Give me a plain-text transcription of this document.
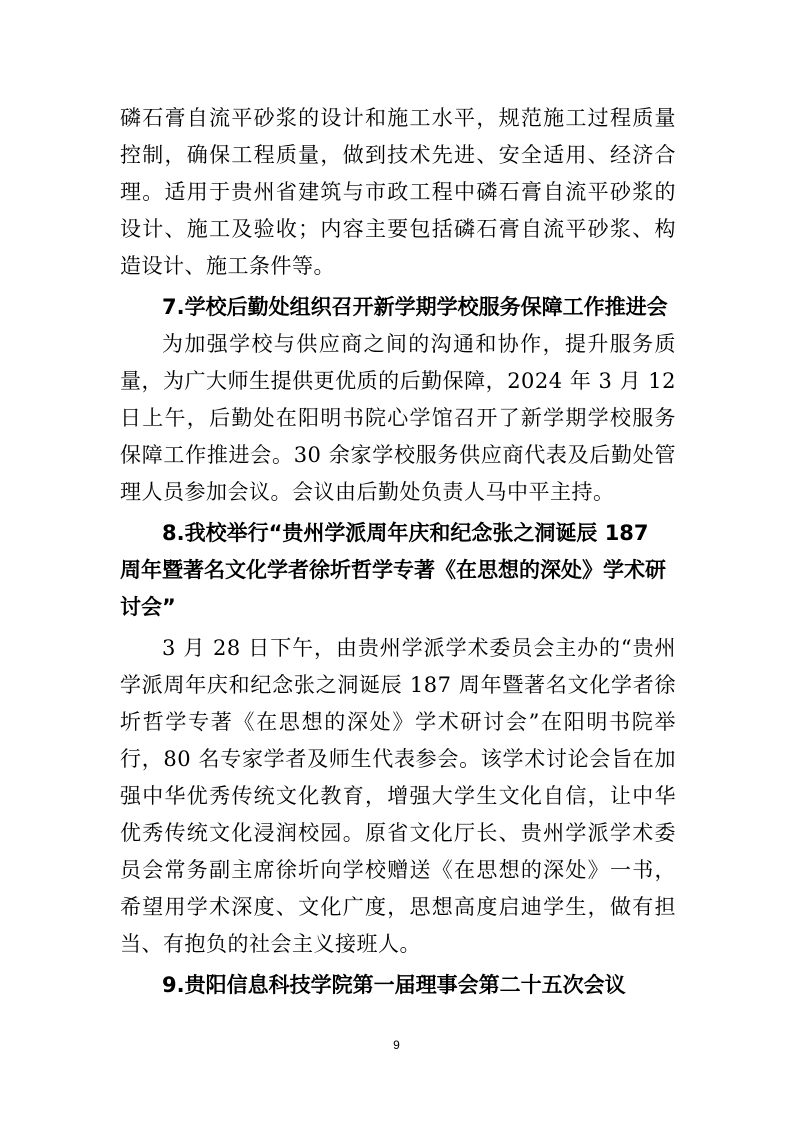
磷石膏自流平砂浆的设计和施工水平，规范施工过程质量控制，确保工程质量，做到技术先进、安全适用、经济合理。适用于贵州省建筑与市政工程中磷石膏自流平砂浆的设计、施工及验收；内容主要包括磷石膏自流平砂浆、构造设计、施工条件等。

7.学校后勤处组织召开新学期学校服务保障工作推进会

为加强学校与供应商之间的沟通和协作，提升服务质量，为广大师生提供更优质的后勤保障，2024 年 3 月 12 日上午，后勤处在阳明书院心学馆召开了新学期学校服务保障工作推进会。30 余家学校服务供应商代表及后勤处管理人员参加会议。会议由后勤处负责人马中平主持。

8.我校举行“贵州学派周年庆和纪念张之洞诞辰 187 周年暨著名文化学者徐圻哲学专著《在思想的深处》学术研讨会”

3 月 28 日下午，由贵州学派学术委员会主办的“贵州学派周年庆和纪念张之洞诞辰 187 周年暨著名文化学者徐圻哲学专著《在思想的深处》学术研讨会”在阳明书院举行，80 名专家学者及师生代表参会。该学术讨论会旨在加强中华优秀传统文化教育，增强大学生文化自信，让中华优秀传统文化浸润校园。原省文化厅长、贵州学派学术委员会常务副主席徐圻向学校赠送《在思想的深处》一书，希望用学术深度、文化广度，思想高度启迪学生，做有担当、有抱负的社会主义接班人。

9.贵阳信息科技学院第一届理事会第二十五次会议

9
